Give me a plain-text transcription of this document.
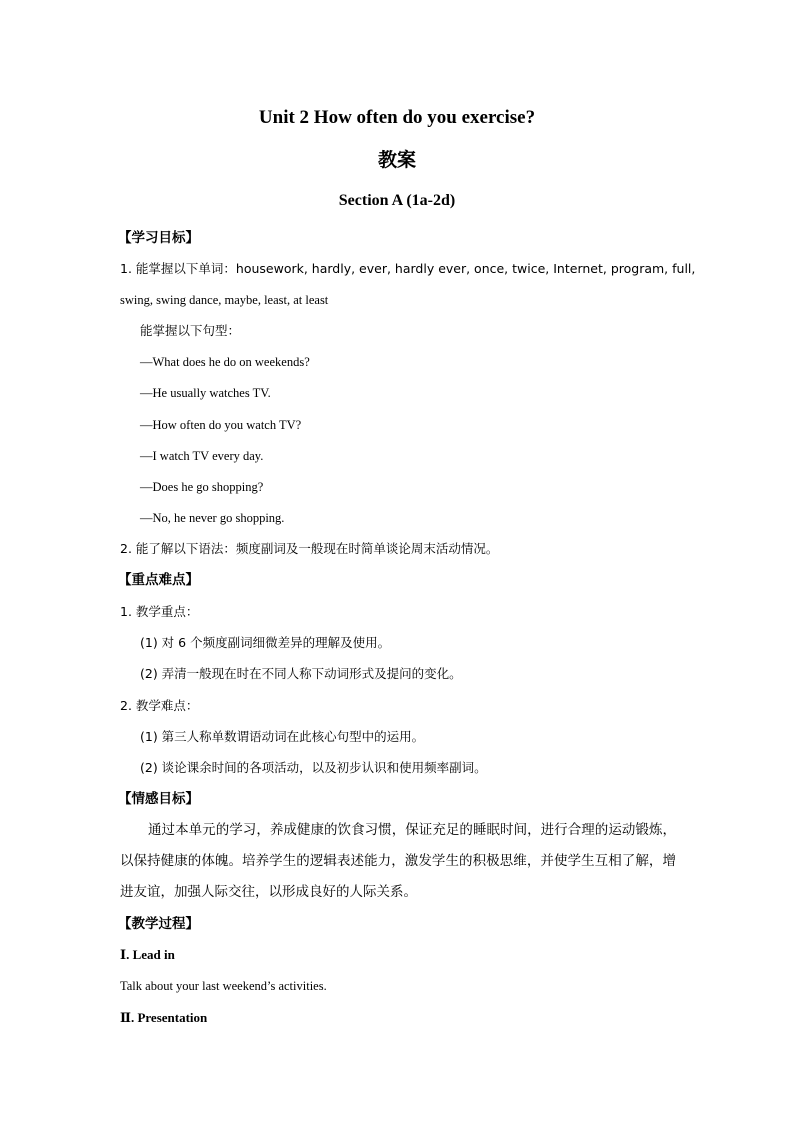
Unit 2 How often do you exercise?
教案
Section A (1a-2d)
【学习目标】
1. 能掌握以下单词：housework, hardly, ever, hardly ever, once, twice, Internet, program, full,
swing, swing dance, maybe, least, at least
能掌握以下句型：
—What does he do on weekends?
—He usually watches TV.
—How often do you watch TV?
—I watch TV every day.
—Does he go shopping?
—No, he never go shopping.
2. 能了解以下语法：频度副词及一般现在时简单谈论周末活动情况。
【重点难点】
1. 教学重点：
(1) 对 6 个频度副词细微差异的理解及使用。
(2) 弄清一般现在时在不同人称下动词形式及提问的变化。
2. 教学难点：
(1) 第三人称单数谓语动词在此核心句型中的运用。
(2) 谈论课余时间的各项活动，以及初步认识和使用频率副词。
【情感目标】
通过本单元的学习，养成健康的饮食习惯，保证充足的睡眠时间，进行合理的运动锻炼，以保持健康的体魄。培养学生的逻辑表述能力，激发学生的积极思维，并使学生互相了解，增进友谊，加强人际交往，以形成良好的人际关系。
【教学过程】
Ⅰ. Lead in
Talk about your last weekend’s activities.
Ⅱ. Presentation
